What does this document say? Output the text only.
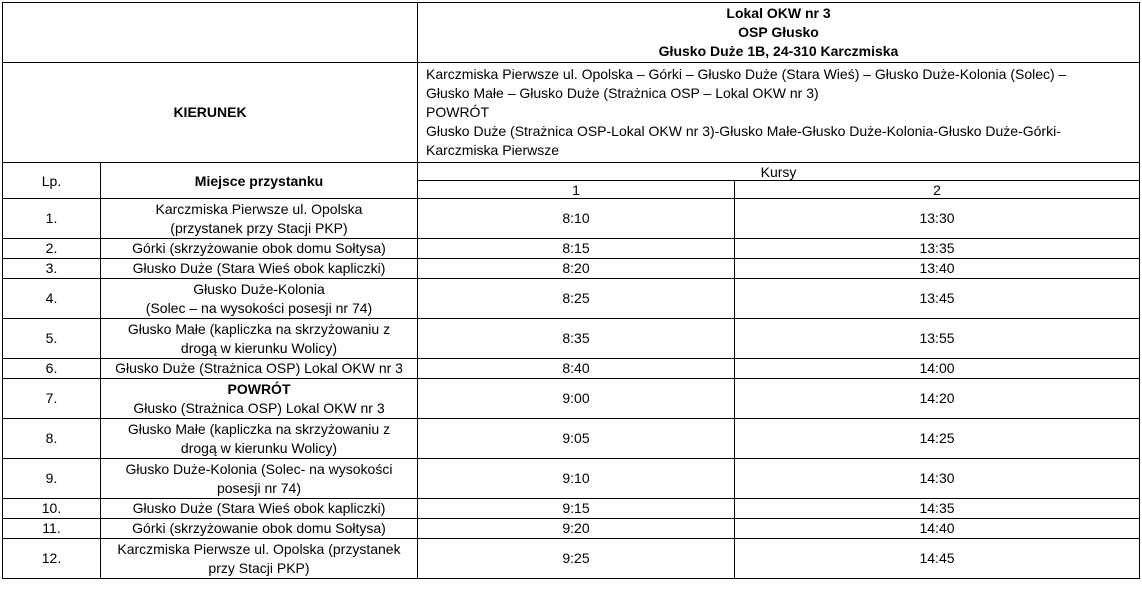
		Lokal OKW nr 3
OSP Głusko
Głusko Duże 1B, 24-310 Karczmiska	

KIERUNEK		Karczmiska Pierwsze ul. Opolska – Górki – Głusko Duże (Stara Wieś) – Głusko Duże-Kolonia (Solec) –
Głusko Małe – Głusko Duże (Strażnica OSP – Lokal OKW nr 3)
POWRÓT
Głusko Duże (Strażnica OSP-Lokal OKW nr 3)-Głusko Małe-Głusko Duże-Kolonia-Głusko Duże-Górki-
Karczmiska Pierwsze	

Lp.	Miejsce przystanku	Kursy	
		1	2
1.	Karczmiska Pierwsze ul. Opolska
(przystanek przy Stacji PKP)	8:10	13:30
2.	Górki (skrzyżowanie obok domu Sołtysa)	8:15	13:35
3.	Głusko Duże (Stara Wieś obok kapliczki)	8:20	13:40
4.	Głusko Duże-Kolonia
(Solec – na wysokości posesji nr 74)	8:25	13:45
5.	Głusko Małe (kapliczka na skrzyżowaniu z
drogą w kierunku Wolicy)	8:35	13:55
6.	Głusko Duże (Strażnica OSP) Lokal OKW nr 3	8:40	14:00
7.	POWRÓT
Głusko (Strażnica OSP) Lokal OKW nr 3	9:00	14:20
8.	Głusko Małe (kapliczka na skrzyżowaniu z
drogą w kierunku Wolicy)	9:05	14:25
9.	Głusko Duże-Kolonia (Solec- na wysokości
posesji nr 74)	9:10	14:30
10.	Głusko Duże (Stara Wieś obok kapliczki)	9:15	14:35
11.	Górki (skrzyżowanie obok domu Sołtysa)	9:20	14:40
12.	Karczmiska Pierwsze ul. Opolska (przystanek
przy Stacji PKP)	9:25	14:45
